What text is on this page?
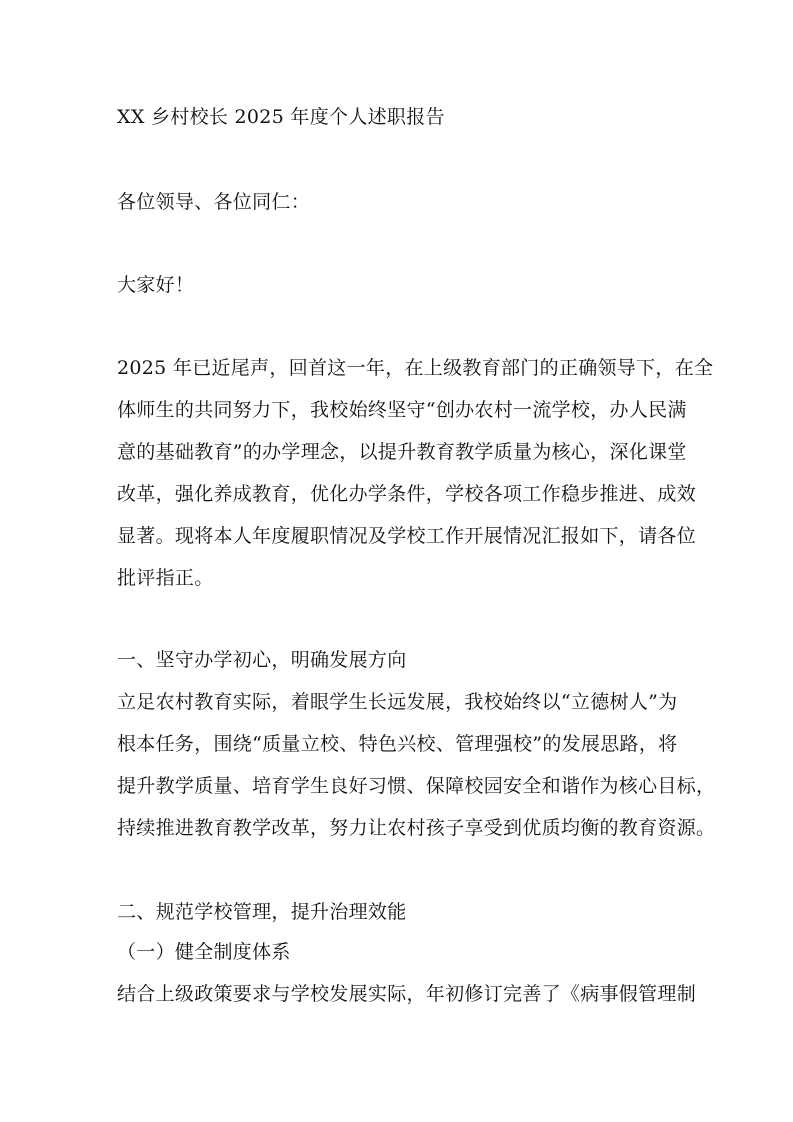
XX 乡村校长 2025 年度个人述职报告
各位领导、各位同仁：
大家好！
2025 年已近尾声，回首这一年，在上级教育部门的正确领导下，在全
体师生的共同努力下，我校始终坚守“创办农村一流学校，办人民满
意的基础教育”的办学理念，以提升教育教学质量为核心，深化课堂
改革，强化养成教育，优化办学条件，学校各项工作稳步推进、成效
显著。现将本人年度履职情况及学校工作开展情况汇报如下，请各位
批评指正。
一、坚守办学初心，明确发展方向
立足农村教育实际，着眼学生长远发展，我校始终以“立德树人”为
根本任务，围绕“质量立校、特色兴校、管理强校”的发展思路，将
提升教学质量、培育学生良好习惯、保障校园安全和谐作为核心目标，
持续推进教育教学改革，努力让农村孩子享受到优质均衡的教育资源。
二、规范学校管理，提升治理效能
（一）健全制度体系
结合上级政策要求与学校发展实际，年初修订完善了《病事假管理制
